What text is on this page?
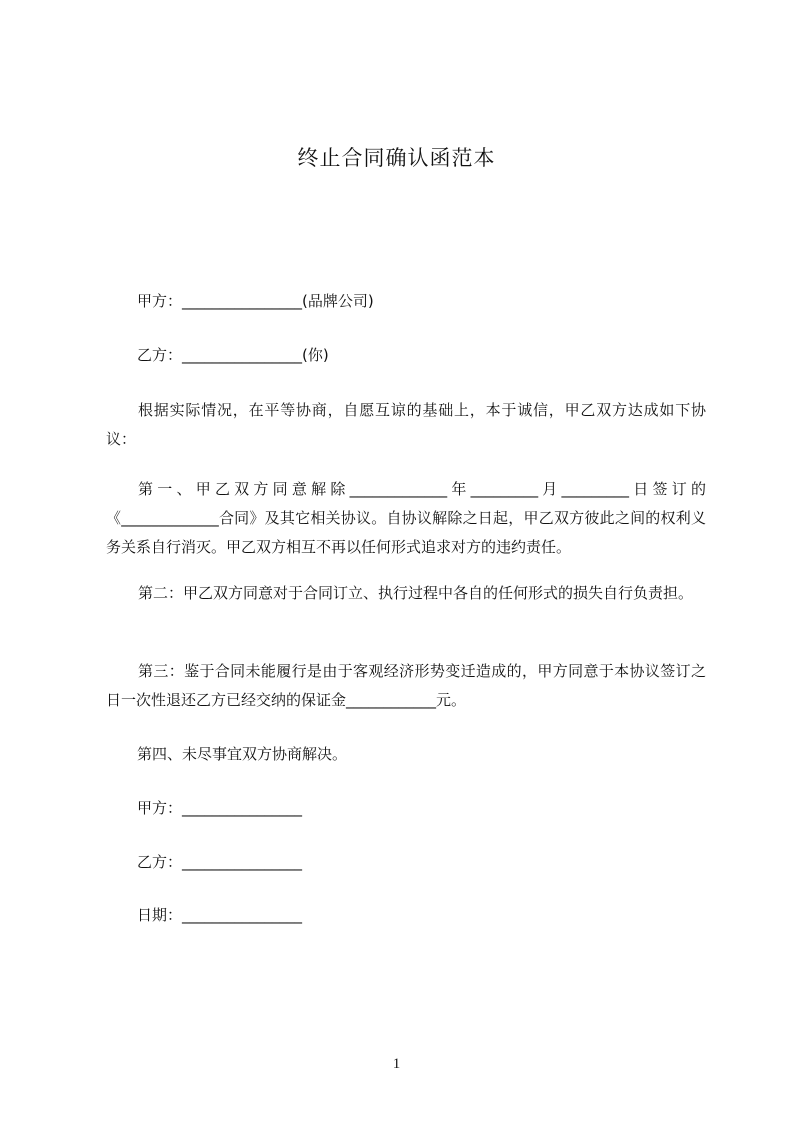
终止合同确认函范本
甲方：________________(品牌公司)
乙方：________________(你)

根据实际情况，在平等协商，自愿互谅的基础上，本于诚信，甲乙双方达成如下协议：

第一、甲乙双方同意解除_____________年_________月_________日签订的《_____________合同》及其它相关协议。自协议解除之日起，甲乙双方彼此之间的权利义务关系自行消灭。甲乙双方相互不再以任何形式追求对方的违约责任。

第二：甲乙双方同意对于合同订立、执行过程中各自的任何形式的损失自行负责担。

第三：鉴于合同未能履行是由于客观经济形势变迁造成的，甲方同意于本协议签订之日一次性退还乙方已经交纳的保证金____________元。

第四、未尽事宜双方协商解决。
甲方：________________
乙方：________________
日期：________________
1
